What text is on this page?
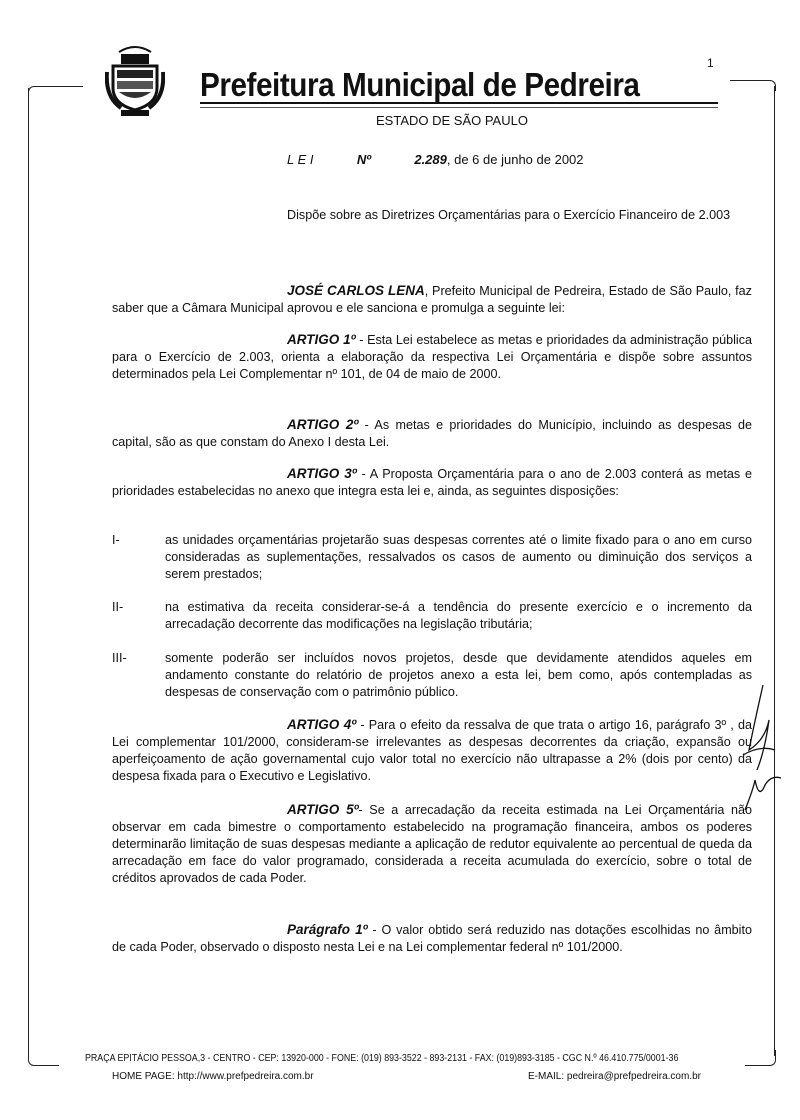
Prefeitura Municipal de Pedreira
1
ESTADO DE SÃO PAULO
L E I	Nº	2.289, de 6 de junho de 2002
Dispõe sobre as Diretrizes Orçamentárias para o Exercício Financeiro de 2.003
JOSÉ CARLOS LENA, Prefeito Municipal de Pedreira, Estado de São Paulo, faz saber que a Câmara Municipal aprovou e ele sanciona e promulga a seguinte lei:
ARTIGO 1º - Esta Lei estabelece as metas e prioridades da administração pública para o Exercício de 2.003, orienta a elaboração da respectiva Lei Orçamentária e dispõe sobre assuntos determinados pela Lei Complementar nº 101, de 04 de maio de 2000.
ARTIGO 2º - As metas e prioridades do Município, incluindo as despesas de capital, são as que constam do Anexo I desta Lei.
ARTIGO 3º - A Proposta Orçamentária para o ano de 2.003 conterá as metas e prioridades estabelecidas no anexo que integra esta lei e, ainda, as seguintes disposições:
I-	as unidades orçamentárias projetarão suas despesas correntes até o limite fixado para o ano em curso consideradas as suplementações, ressalvados os casos de aumento ou diminuição dos serviços a serem prestados;
II-	na estimativa da receita considerar-se-á a tendência do presente exercício e o incremento da arrecadação decorrente das modificações na legislação tributária;
III-	somente poderão ser incluídos novos projetos, desde que devidamente atendidos aqueles em andamento constante do relatório de projetos anexo a esta lei, bem como, após contempladas as despesas de conservação com o patrimônio público.
ARTIGO 4º - Para o efeito da ressalva de que trata o artigo 16, parágrafo 3º , da Lei complementar 101/2000, consideram-se irrelevantes as despesas decorrentes da criação, expansão ou aperfeiçoamento de ação governamental cujo valor total no exercício não ultrapasse a 2% (dois por cento) da despesa fixada para o Executivo e Legislativo.
ARTIGO 5º- Se a arrecadação da receita estimada na Lei Orçamentária não observar em cada bimestre o comportamento estabelecido na programação financeira, ambos os poderes determinarão limitação de suas despesas mediante a aplicação de redutor equivalente ao percentual de queda da arrecadação em face do valor programado, considerada a receita acumulada do exercício, sobre o total de créditos aprovados de cada Poder.
Parágrafo 1º - O valor obtido será reduzido nas dotações escolhidas no âmbito de cada Poder, observado o disposto nesta Lei e na Lei complementar federal nº 101/2000.
PRAÇA EPITÁCIO PESSOA,3 - CENTRO - CEP: 13920-000 - FONE: (019) 893-3522 - 893-2131 - FAX: (019)893-3185 - CGC N.º 46.410.775/0001-36
HOME PAGE: http://www.prefpedreira.com.br	E-MAIL: pedreira@prefpedreira.com.br
